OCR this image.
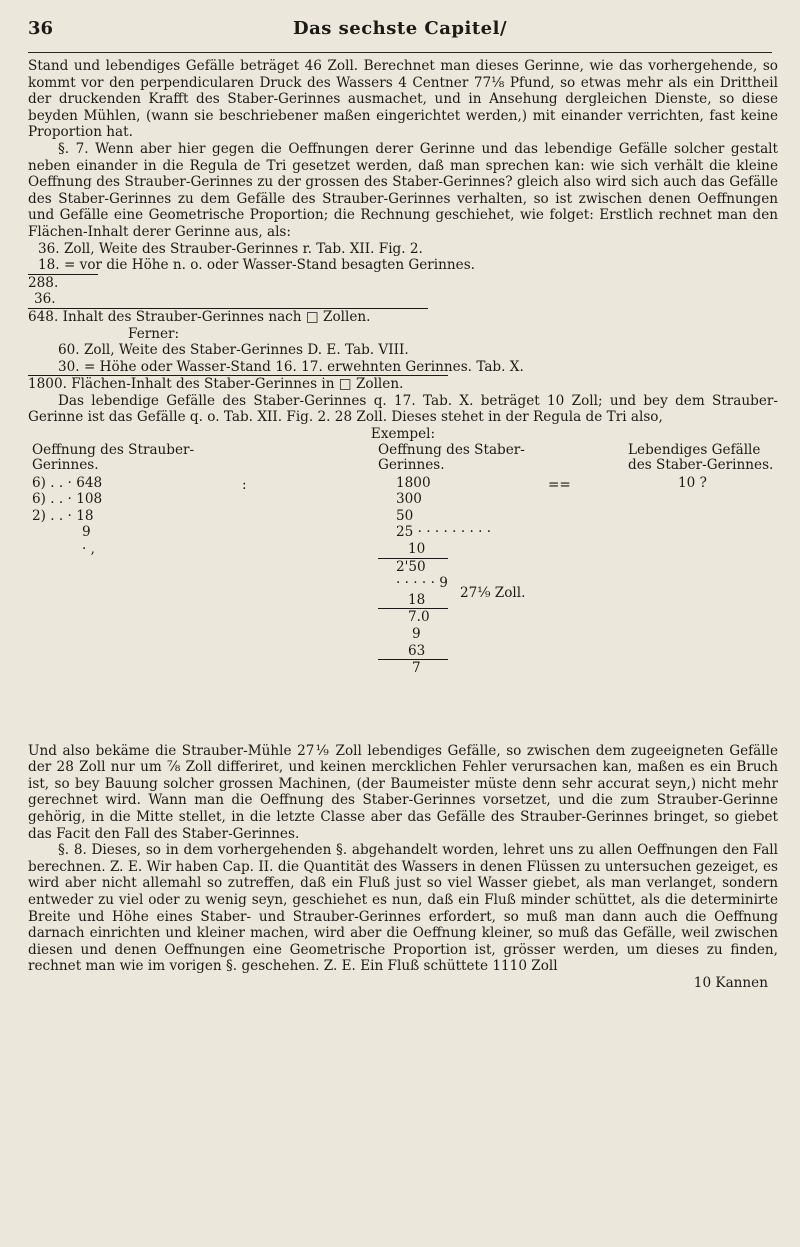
36	Das sechste Capitel/

Stand und lebendiges Gefälle beträget 46 Zoll. Berechnet man dieses Gerinne, wie das vorhergehende, so kommt vor den perpendicularen Druck des Wassers 4 Centner 77⅛ Pfund, so etwas mehr als ein Drittheil der druckenden Krafft des Staber-Gerinnes ausmachet, und in Ansehung dergleichen Dienste, so diese beyden Mühlen, (wann sie beschriebener maßen eingerichtet werden,) mit einander verrichten, fast keine Proportion hat.

§. 7. Wenn aber hier gegen die Oeffnungen derer Gerinne und das lebendige Gefälle solcher gestalt neben einander in die Regula de Tri gesetzet werden, daß man sprechen kan: wie sich verhält die kleine Oeffnung des Strauber-Gerinnes zu der grossen des Staber-Gerinnes? gleich also wird sich auch das Gefälle des Staber-Gerinnes zu dem Gefälle des Strauber-Gerinnes verhalten, so ist zwischen denen Oeffnungen und Gefälle eine Geometrische Proportion; die Rechnung geschiehet, wie folget: Erstlich rechnet man den Flächen-Inhalt derer Gerinne aus, als:

36. Zoll, Weite des Strauber-Gerinnes r. Tab. XII. Fig. 2.

18. = vor die Höhe n. o. oder Wasser-Stand besagten Gerinnes.

288.

36.

648. Inhalt des Strauber-Gerinnes nach □ Zollen.

Ferner:

60. Zoll, Weite des Staber-Gerinnes D. E. Tab. VIII.

30. = Höhe oder Wasser-Stand 16. 17. erwehnten Gerinnes. Tab. X.

1800. Flächen-Inhalt des Staber-Gerinnes in □ Zollen.

Das lebendige Gefälle des Staber-Gerinnes q. 17. Tab. X. beträget 10 Zoll; und bey dem Strauber-Gerinne ist das Gefälle q. o. Tab. XII. Fig. 2. 28 Zoll. Dieses stehet in der Regula de Tri also,

Exempel:

Oeffnung des Strauber-Gerinnes.

6) . . · 648

6) . . · 108

2) . . · 18

9

· ,

:

Oeffnung des Staber-Gerinnes.

1800

300

50

25 · · · · · · · · ·

10

2'50

· · · · · 9

18

7.0

9

63

7

==

Lebendiges Gefälle des Staber-Gerinnes.

10 ?

27⅑ Zoll.

Und also bekäme die Strauber-Mühle 27⅑ Zoll lebendiges Gefälle, so zwischen dem zugeeigneten Gefälle der 28 Zoll nur um ⅞ Zoll differiret, und keinen mercklichen Fehler verursachen kan, maßen es ein Bruch ist, so bey Bauung solcher grossen Machinen, (der Baumeister müste denn sehr accurat seyn,) nicht mehr gerechnet wird. Wann man die Oeffnung des Staber-Gerinnes vorsetzet, und die zum Strauber-Gerinne gehörig, in die Mitte stellet, in die letzte Classe aber das Gefälle des Strauber-Gerinnes bringet, so giebet das Facit den Fall des Staber-Gerinnes.

§. 8. Dieses, so in dem vorhergehenden §. abgehandelt worden, lehret uns zu allen Oeffnungen den Fall berechnen. Z. E. Wir haben Cap. II. die Quantität des Wassers in denen Flüssen zu untersuchen gezeiget, es wird aber nicht allemahl so zutreffen, daß ein Fluß just so viel Wasser giebet, als man verlanget, sondern entweder zu viel oder zu wenig seyn, geschiehet es nun, daß ein Fluß minder schüttet, als die determinirte Breite und Höhe eines Staber- und Strauber-Gerinnes erfordert, so muß man dann auch die Oeffnung darnach einrichten und kleiner machen, wird aber die Oeffnung kleiner, so muß das Gefälle, weil zwischen diesen und denen Oeffnungen eine Geometrische Proportion ist, grösser werden, um dieses zu finden, rechnet man wie im vorigen §. geschehen. Z. E. Ein Fluß schüttete 1110 Zoll

10 Kannen
